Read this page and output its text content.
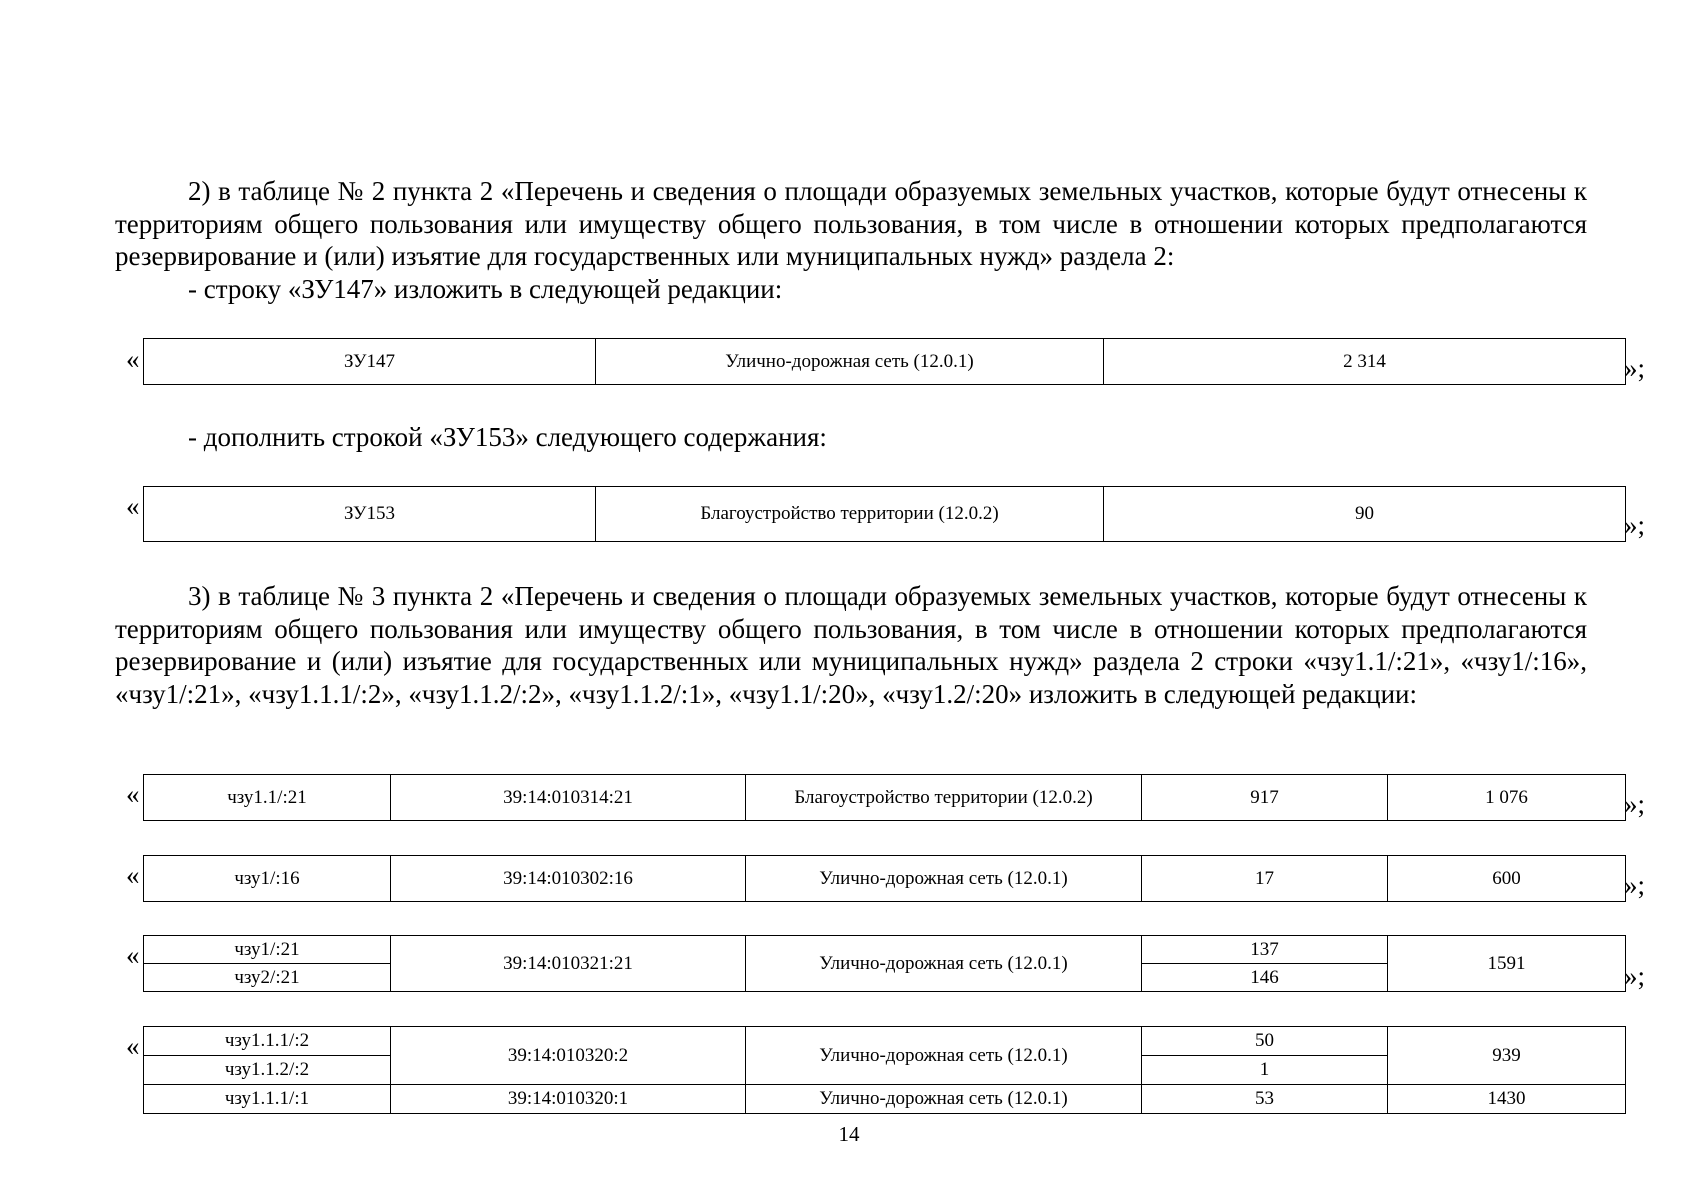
2) в таблице № 2 пункта 2 «Перечень и сведения о площади образуемых земельных участков, которые будут отнесены к территориям общего пользования или имуществу общего пользования, в том числе в отношении которых предполагаются резервирование и (или) изъятие для государственных или муниципальных нужд» раздела 2:
- строку «ЗУ147» изложить в следующей редакции:
«	ЗУ147	Улично-дорожная сеть (12.0.1)	2 314	»;
- дополнить строкой «ЗУ153» следующего содержания:
«	ЗУ153	Благоустройство территории (12.0.2)	90	»;
3) в таблице № 3 пункта 2 «Перечень и сведения о площади образуемых земельных участков, которые будут отнесены к территориям общего пользования или имуществу общего пользования, в том числе в отношении которых предполагаются резервирование и (или) изъятие для государственных или муниципальных нужд» раздела 2 строки «чзу1.1/:21», «чзу1/:16», «чзу1/:21», «чзу1.1.1/:2», «чзу1.1.2/:2», «чзу1.1.2/:1», «чзу1.1/:20», «чзу1.2/:20» изложить в следующей редакции:
«	чзу1.1/:21	39:14:010314:21	Благоустройство территории (12.0.2)	917	1 076	»;
«	чзу1/:16	39:14:010302:16	Улично-дорожная сеть (12.0.1)	17	600	»;
«	чзу1/:21	39:14:010321:21	Улично-дорожная сеть (12.0.1)	137	1591
чзу2/:21			146		»;
«	чзу1.1.1/:2	39:14:010320:2	Улично-дорожная сеть (12.0.1)	50	939
чзу1.1.2/:2			1	
чзу1.1.1/:1	39:14:010320:1	Улично-дорожная сеть (12.0.1)	53	1430
14
